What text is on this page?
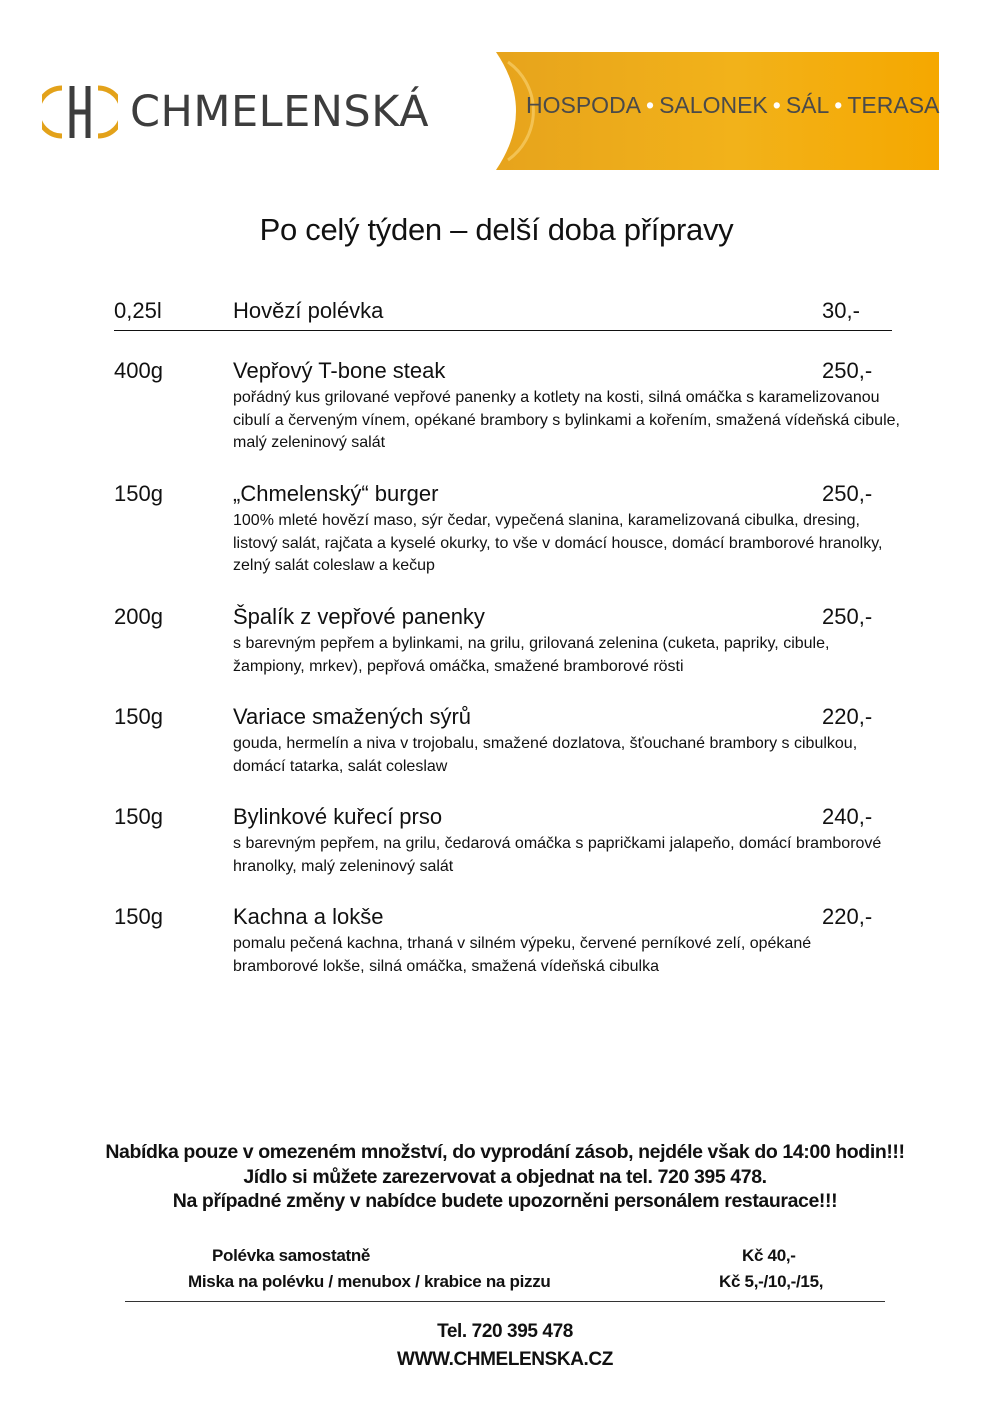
CHMELENSKÁ	HOSPODA • SALONEK • SÁL • TERASA
Po celý týden – delší doba přípravy
0,25l	Hovězí polévka	30,-
400g	Vepřový T-bone steak	250,-
pořádný kus grilované vepřové panenky a kotlety na kosti, silná omáčka s karamelizovanou
cibulí a červeným vínem, opékané brambory s bylinkami a kořením, smažená vídeňská cibule,
malý zeleninový salát
150g	„Chmelenský“ burger	250,-
100% mleté hovězí maso, sýr čedar, vypečená slanina, karamelizovaná cibulka, dresing,
listový salát, rajčata a kyselé okurky, to vše v domácí housce, domácí bramborové hranolky,
zelný salát coleslaw a kečup
200g	Špalík z vepřové panenky	250,-
s barevným pepřem a bylinkami, na grilu, grilovaná zelenina (cuketa, papriky, cibule,
žampiony, mrkev), pepřová omáčka, smažené bramborové rösti
150g	Variace smažených sýrů	220,-
gouda, hermelín a niva v trojobalu, smažené dozlatova, šťouchané brambory s cibulkou,
domácí tatarka, salát coleslaw
150g	Bylinkové kuřecí prso	240,-
s barevným pepřem, na grilu, čedarová omáčka s papričkami jalapeňo, domácí bramborové
hranolky, malý zeleninový salát
150g	Kachna a lokše	220,-
pomalu pečená kachna, trhaná v silném výpeku, červené perníkové zelí, opékané
bramborové lokše, silná omáčka, smažená vídeňská cibulka
Nabídka pouze v omezeném množství, do vyprodání zásob, nejdéle však do 14:00 hodin!!!
Jídlo si můžete zarezervovat a objednat na tel. 720 395 478.
Na případné změny v nabídce budete upozorněni personálem restaurace!!!
Polévka samostatně	Kč 40,-
Miska na polévku / menubox / krabice na pizzu	Kč 5,-/10,-/15,
Tel. 720 395 478
WWW.CHMELENSKA.CZ
